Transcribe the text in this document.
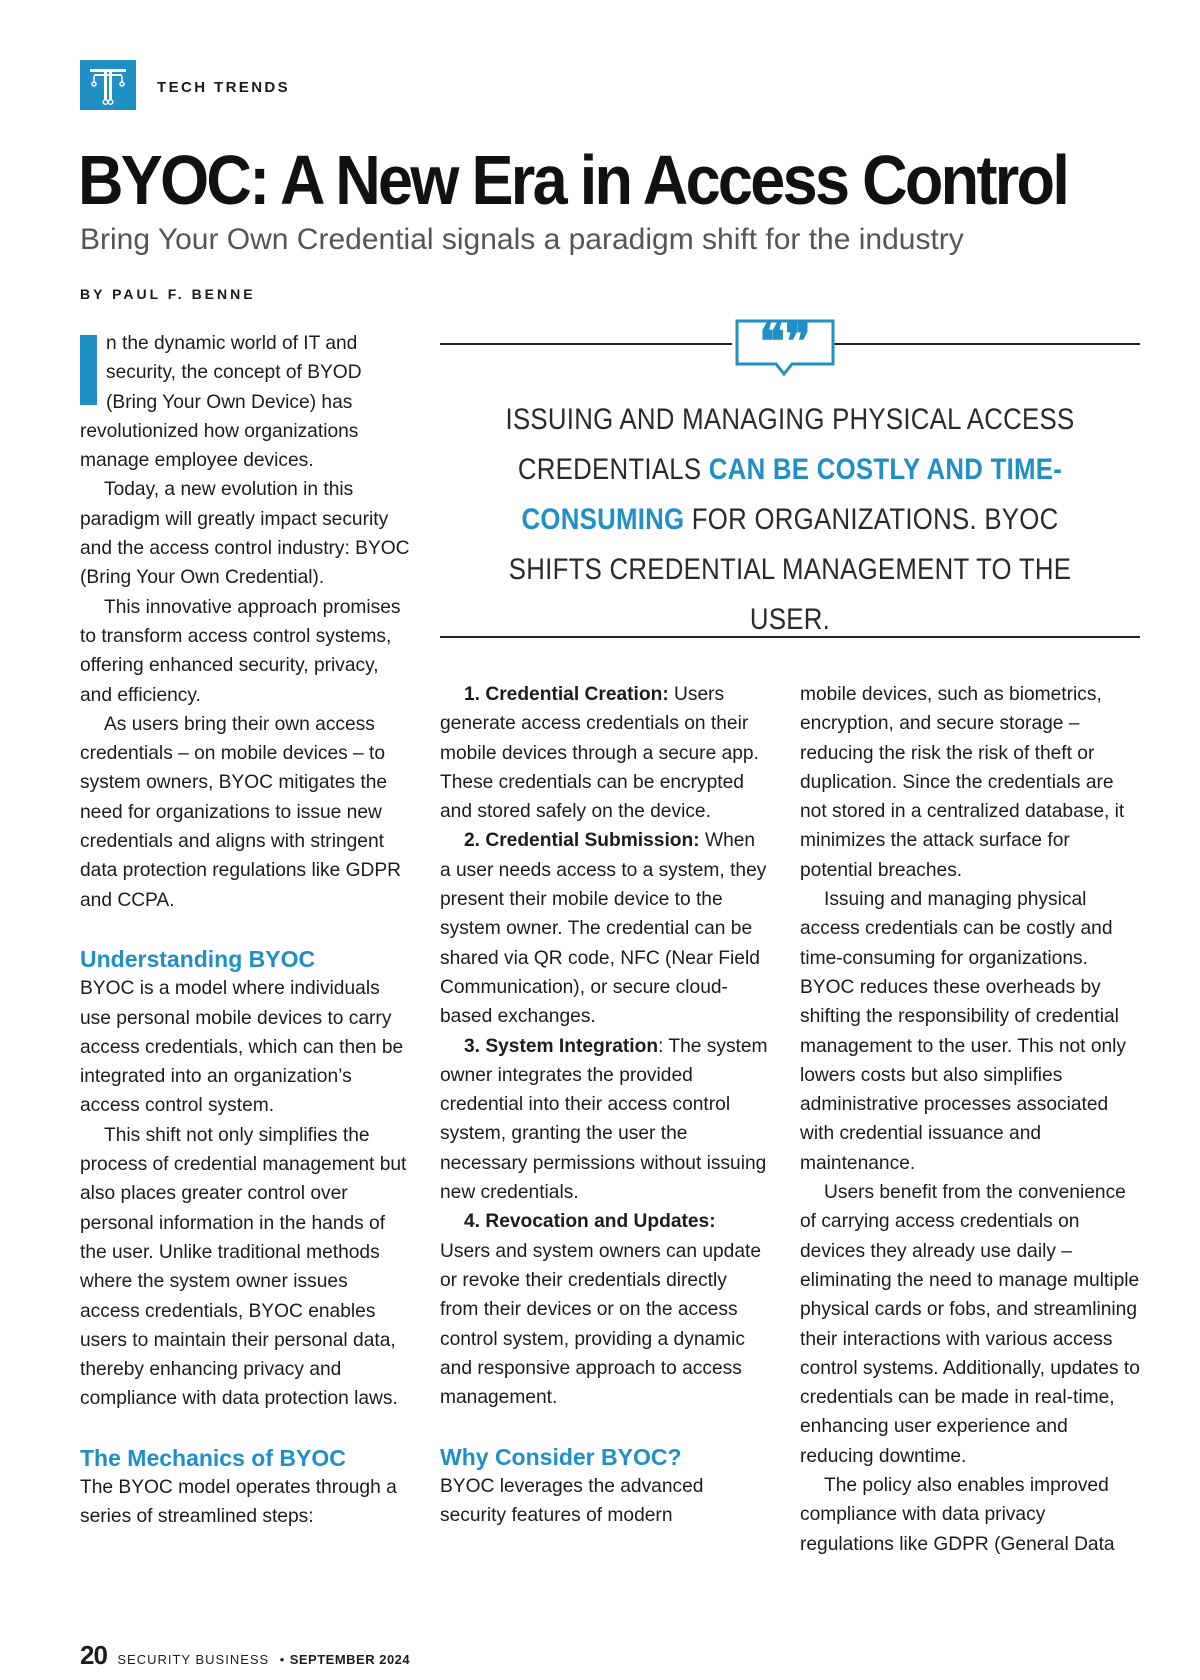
TECH TRENDS
BYOC: A New Era in Access Control
Bring Your Own Credential signals a paradigm shift for the industry
BY PAUL F. BENNE

n the dynamic world of IT and security, the concept of BYOD (Bring Your Own Device) has revolutionized how organizations manage employee devices.

Today, a new evolution in this paradigm will greatly impact security and the access control industry: BYOC (Bring Your Own Credential).

This innovative approach promises to transform access control systems, offering enhanced security, privacy, and efficiency.

As users bring their own access credentials – on mobile devices – to system owners, BYOC mitigates the need for organizations to issue new credentials and aligns with stringent data protection regulations like GDPR and CCPA.

Understanding BYOC

BYOC is a model where individuals use personal mobile devices to carry access credentials, which can then be integrated into an organization’s access control system.

This shift not only simplifies the process of credential management but also places greater control over personal information in the hands of the user. Unlike traditional methods where the system owner issues access credentials, BYOC enables users to maintain their personal data, thereby enhancing privacy and compliance with data protection laws.

The Mechanics of BYOC

The BYOC model operates through a series of streamlined steps:

❝❞
ISSUING AND MANAGING PHYSICAL ACCESS CREDENTIALS CAN BE COSTLY AND TIME-CONSUMING FOR ORGANIZATIONS. BYOC SHIFTS CREDENTIAL MANAGEMENT TO THE USER.

1. Credential Creation: Users generate access credentials on their mobile devices through a secure app. These credentials can be encrypted and stored safely on the device.

2. Credential Submission: When a user needs access to a system, they present their mobile device to the system owner. The credential can be shared via QR code, NFC (Near Field Communication), or secure cloud-based exchanges.

3. System Integration: The system owner integrates the provided credential into their access control system, granting the user the necessary permissions without issuing new credentials.

4. Revocation and Updates: Users and system owners can update or revoke their credentials directly from their devices or on the access control system, providing a dynamic and responsive approach to access management.

Why Consider BYOC?

BYOC leverages the advanced security features of modern

mobile devices, such as biometrics, encryption, and secure storage – reducing the risk the risk of theft or duplication. Since the credentials are not stored in a centralized database, it minimizes the attack surface for potential breaches.

Issuing and managing physical access credentials can be costly and time-consuming for organizations. BYOC reduces these overheads by shifting the responsibility of credential management to the user. This not only lowers costs but also simplifies administrative processes associated with credential issuance and maintenance.

Users benefit from the convenience of carrying access credentials on devices they already use daily – eliminating the need to manage multiple physical cards or fobs, and streamlining their interactions with various access control systems. Additionally, updates to credentials can be made in real-time, enhancing user experience and reducing downtime.

The policy also enables improved compliance with data privacy regulations like GDPR (General Data

20 SECURITY BUSINESS • SEPTEMBER 2024
